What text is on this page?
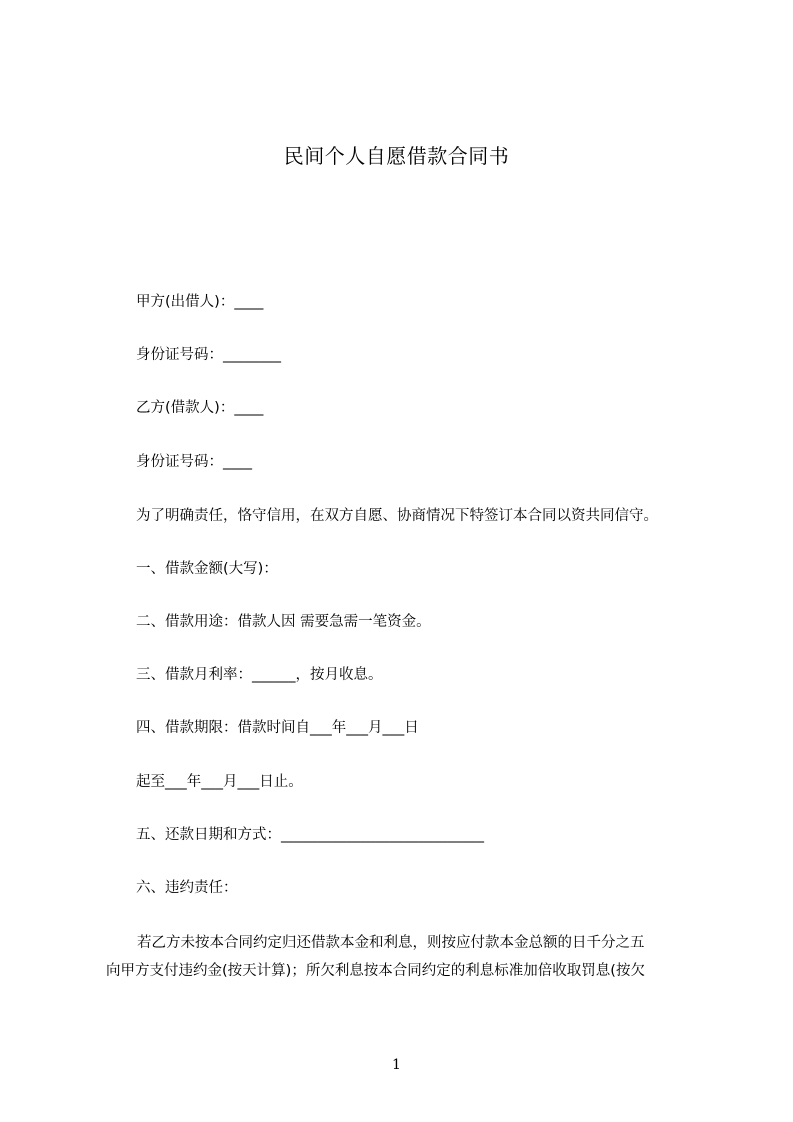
民间个人自愿借款合同书
甲方(出借人)：____
身份证号码：________
乙方(借款人)：____
身份证号码：____
为了明确责任，恪守信用，在双方自愿、协商情况下特签订本合同以资共同信守。
一、借款金额(大写)：
二、借款用途：借款人因 需要急需一笔资金。
三、借款月利率：______，按月收息。
四、借款期限：借款时间自___年___月___日
起至___年___月___日止。
五、还款日期和方式：____________________________
六、违约责任：
若乙方未按本合同约定归还借款本金和利息，则按应付款本金总额的日千分之五
向甲方支付违约金(按天计算)；所欠利息按本合同约定的利息标准加倍收取罚息(按欠
1
